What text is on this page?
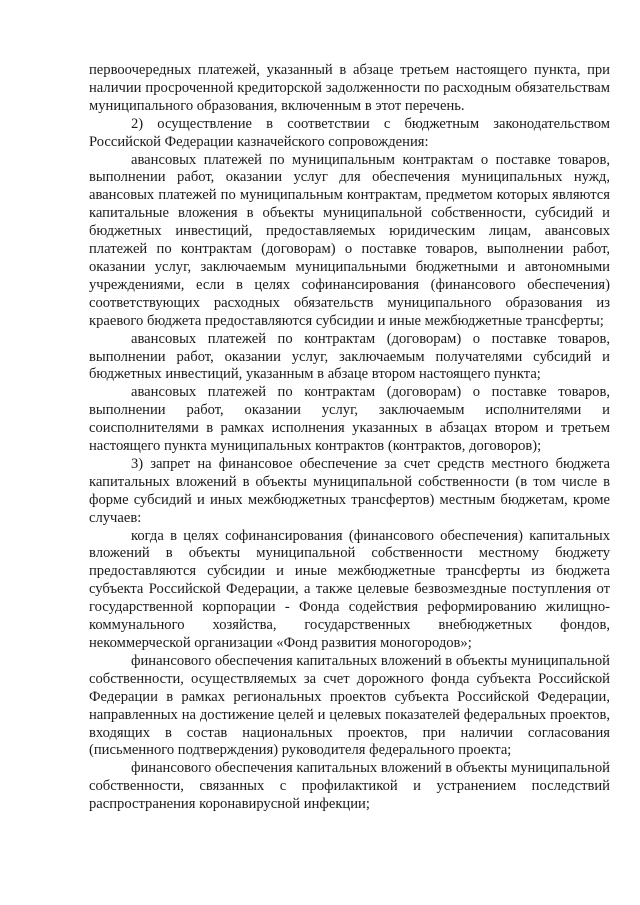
первоочередных платежей, указанный в абзаце третьем настоящего пункта, при наличии просроченной кредиторской задолженности по расходным обязательствам муниципального образования, включенным в этот перечень.

2) осуществление в соответствии с бюджетным законодательством Российской Федерации казначейского сопровождения:

авансовых платежей по муниципальным контрактам о поставке товаров, выполнении работ, оказании услуг для обеспечения муниципальных нужд, авансовых платежей по муниципальным контрактам, предметом которых являются капитальные вложения в объекты муниципальной собственности, субсидий и бюджетных инвестиций, предоставляемых юридическим лицам, авансовых платежей по контрактам (договорам) о поставке товаров, выполнении работ, оказании услуг, заключаемым муниципальными бюджетными и автономными учреждениями, если в целях софинансирования (финансового обеспечения) соответствующих расходных обязательств муниципального образования из краевого бюджета предоставляются субсидии и иные межбюджетные трансферты;

авансовых платежей по контрактам (договорам) о поставке товаров, выполнении работ, оказании услуг, заключаемым получателями субсидий и бюджетных инвестиций, указанным в абзаце втором настоящего пункта;

авансовых платежей по контрактам (договорам) о поставке товаров, выполнении работ, оказании услуг, заключаемым исполнителями и соисполнителями в рамках исполнения указанных в абзацах втором и третьем настоящего пункта муниципальных контрактов (контрактов, договоров);

3) запрет на финансовое обеспечение за счет средств местного бюджета капитальных вложений в объекты муниципальной собственности (в том числе в форме субсидий и иных межбюджетных трансфертов) местным бюджетам, кроме случаев:

когда в целях софинансирования (финансового обеспечения) капитальных вложений в объекты муниципальной собственности местному бюджету предоставляются субсидии и иные межбюджетные трансферты из бюджета субъекта Российской Федерации, а также целевые безвозмездные поступления от государственной корпорации - Фонда содействия реформированию жилищно-коммунального хозяйства, государственных внебюджетных фондов, некоммерческой организации «Фонд развития моногородов»;

финансового обеспечения капитальных вложений в объекты муниципальной собственности, осуществляемых за счет дорожного фонда субъекта Российской Федерации в рамках региональных проектов субъекта Российской Федерации, направленных на достижение целей и целевых показателей федеральных проектов, входящих в состав национальных проектов, при наличии согласования (письменного подтверждения) руководителя федерального проекта;

финансового обеспечения капитальных вложений в объекты муниципальной собственности, связанных с профилактикой и устранением последствий распространения коронавирусной инфекции;
